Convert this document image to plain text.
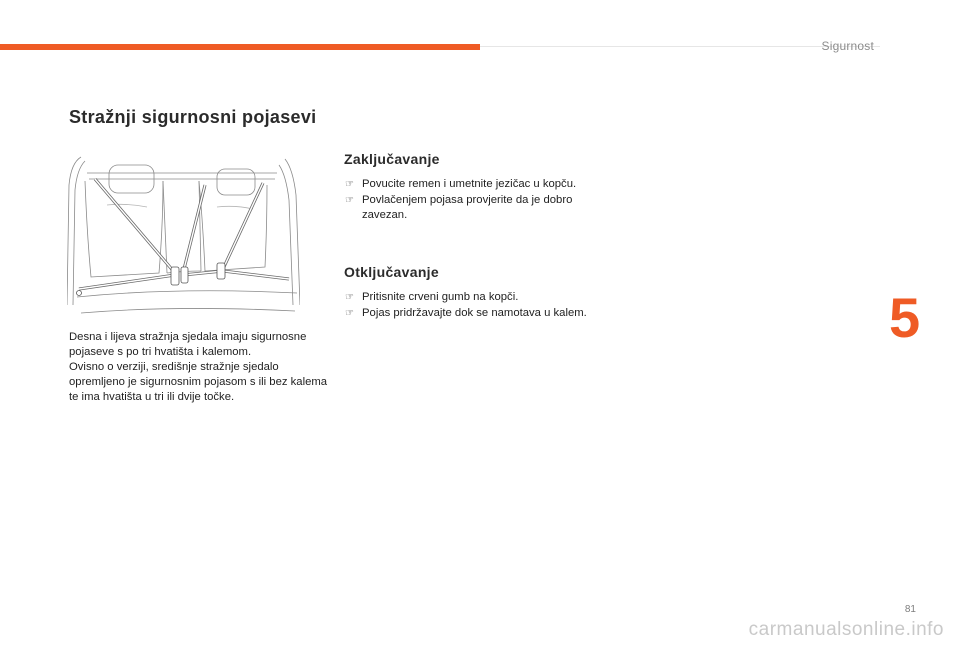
Sigurnost
Stražnji sigurnosni pojasevi

Desna i lijeva stražnja sjedala imaju sigurnosne pojaseve s po tri hvatišta i kalemom.

Ovisno o verziji, središnje stražnje sjedalo opremljeno je sigurnosnim pojasom s ili bez kalema te ima hvatišta u tri ili dvije točke.

Zaključavanje
☞ Povucite remen i umetnite jezičac u kopču.
☞ Povlačenjem pojasa provjerite da je dobro zavezan.
Otključavanje
☞ Pritisnite crveni gumb na kopči.
☞ Pojas pridržavajte dok se namotava u kalem.	5
81
carmanualsonline.info
